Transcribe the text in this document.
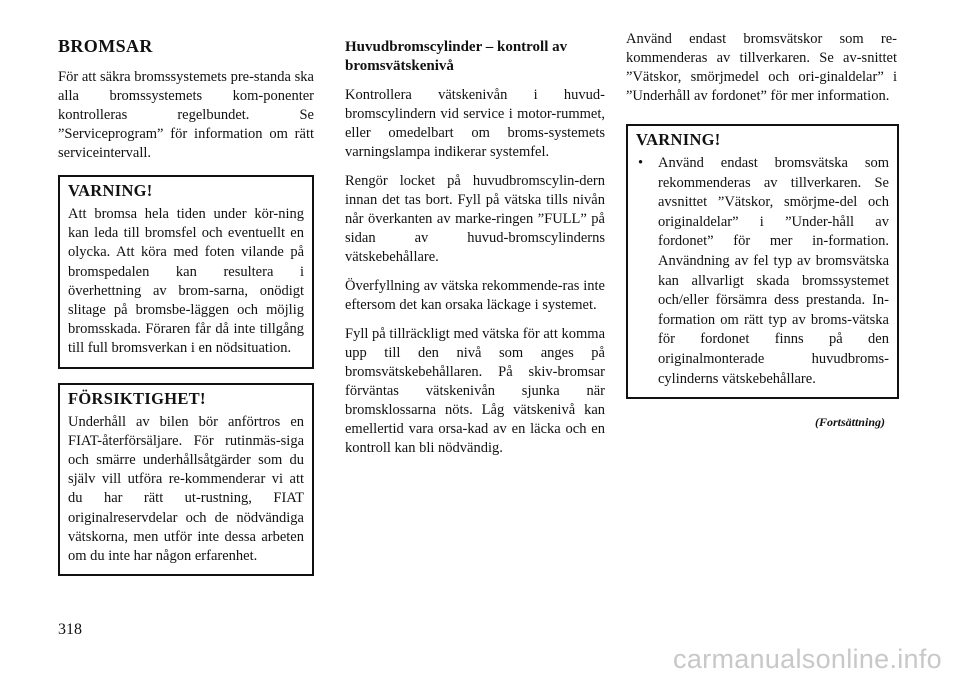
BROMSAR

För att säkra bromssystemets pre-standa ska alla bromssystemets kom-ponenter kontrolleras regelbundet. Se ”Serviceprogram” för information om rätt serviceintervall.

VARNING!

Att bromsa hela tiden under kör-ning kan leda till bromsfel och eventuellt en olycka. Att köra med foten vilande på bromspedalen kan resultera i överhettning av brom-sarna, onödigt slitage på bromsbe-läggen och möjlig bromsskada. Föraren får då inte tillgång till full bromsverkan i en nödsituation.

FÖRSIKTIGHET!

Underhåll av bilen bör anförtros en FIAT-återförsäljare. För rutinmäs-siga och smärre underhållsåtgärder som du själv vill utföra re-kommenderar vi att du har rätt ut-rustning, FIAT originalreservdelar och de nödvändiga vätskorna, men utför inte dessa arbeten om du inte har någon erfarenhet.

Huvudbromscylinder – kontroll av bromsvätskenivå

Kontrollera vätskenivån i huvud-bromscylindern vid service i motor-rummet, eller omedelbart om broms-systemets varningslampa indikerar systemfel.

Rengör locket på huvudbromscylin-dern innan det tas bort. Fyll på vätska tills nivån når överkanten av marke-ringen ”FULL” på sidan av huvud-bromscylinderns vätskebehållare.

Överfyllning av vätska rekommende-ras inte eftersom det kan orsaka läckage i systemet.

Fyll på tillräckligt med vätska för att komma upp till den nivå som anges på bromsvätskebehållaren. På skiv-bromsar förväntas vätskenivån sjunka när bromsklossarna nöts. Låg vätskenivå kan emellertid vara orsa-kad av en läcka och en kontroll kan bli nödvändig.

Använd endast bromsvätskor som re-kommenderas av tillverkaren. Se av-snittet ”Vätskor, smörjmedel och ori-ginaldelar” i ”Underhåll av fordonet” för mer information.

VARNING!
• Använd endast bromsvätska som rekommenderas av tillverkaren. Se avsnittet ”Vätskor, smörjme-del och originaldelar” i ”Under-håll av fordonet” för mer in-formation. Användning av fel typ av bromsvätska kan allvarligt skada bromssystemet och/eller försämra dess prestanda. In-formation om rätt typ av broms-vätska för fordonet finns på den originalmonterade huvudbroms-cylinderns vätskebehållare.

(Fortsättning)

318
carmanualsonline.info
